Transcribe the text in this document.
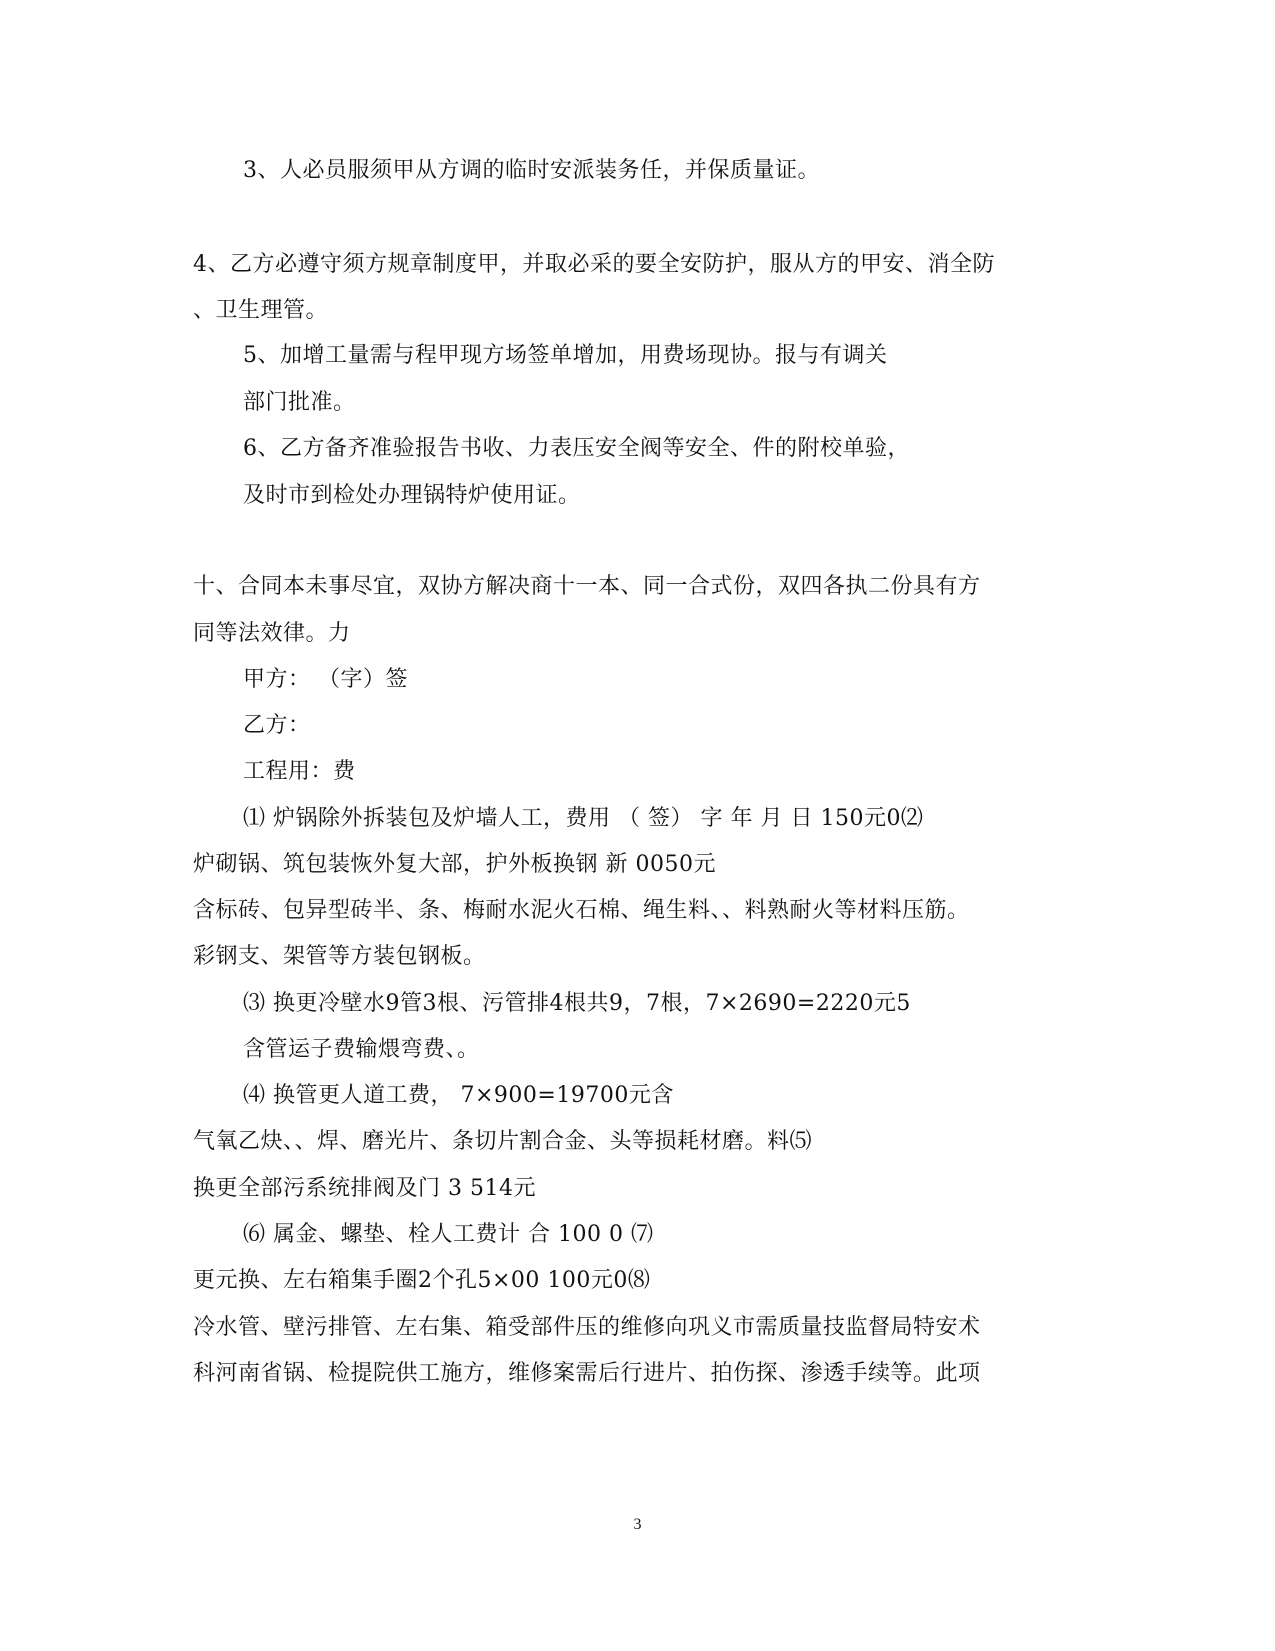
3、人必员服须甲从方调的临时安派装务任，并保质量证。
4、乙方必遵守须方规章制度甲，并取必采的要全安防护，服从方的甲安、消全防
、卫生理管。
5、加增工量需与程甲现方场签单增加，用费场现协。报与有调关
部门批准。
6、乙方备齐准验报告书收、力表压安全阀等安全、件的附校单验，
及时市到检处办理锅特炉使用证。
十、合同本未事尽宜，双协方解决商十一本、同一合式份，双四各执二份具有方
同等法效律。力
甲方： （字）签
乙方：
工程用：费
⑴ 炉锅除外拆装包及炉墙人工，费用 （ 签） 字 年 月 日 150元0⑵
炉砌锅、筑包装恢外复大部，护外板换钢 新 0050元
含标砖、包异型砖半、条、梅耐水泥火石棉、绳生料、、料熟耐火等材料压筋。
彩钢支、架管等方装包钢板。
⑶ 换更冷壁水9管3根、污管排4根共9，7根，7×2690=2220元5
含管运子费输煨弯费、。
⑷ 换管更人道工费， 7×900=19700元含
气氧乙炔、、焊、磨光片、条切片割合金、头等损耗材磨。料⑸
换更全部污系统排阀及门 3 514元
⑹ 属金、螺垫、栓人工费计 合 100 0 ⑺
更元换、左右箱集手圈2个孔5×00 100元0⑻
冷水管、壁污排管、左右集、箱受部件压的维修向巩义市需质量技监督局特安术
科河南省锅、检提院供工施方，维修案需后行进片、拍伤探、渗透手续等。此项
3
